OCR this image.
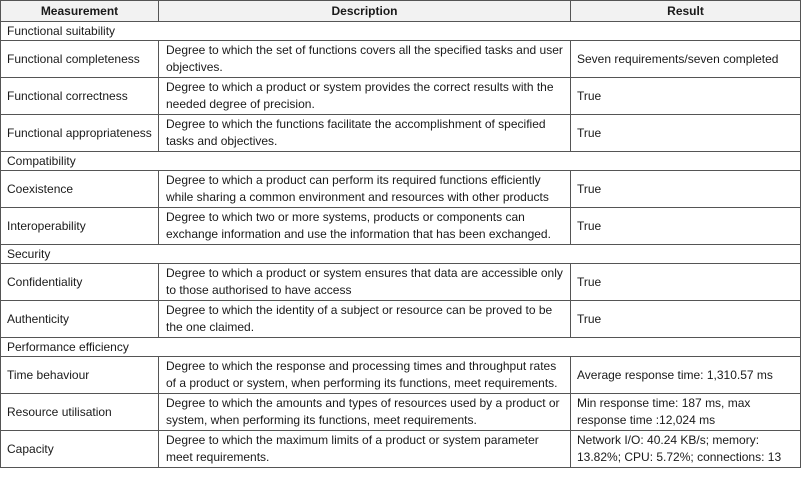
Measurement	Description	Result
Functional suitability		
Functional completeness	Degree to which the set of functions covers all the specified tasks and user objectives.	Seven requirements/seven completed
Functional correctness	Degree to which a product or system provides the correct results with the needed degree of precision.	True
Functional appropriateness	Degree to which the functions facilitate the accomplishment of specified tasks and objectives.	True
Compatibility		
Coexistence	Degree to which a product can perform its required functions efficiently while sharing a common environment and resources with other products	True
Interoperability	Degree to which two or more systems, products or components can exchange information and use the information that has been exchanged.	True
Security		
Confidentiality	Degree to which a product or system ensures that data are accessible only to those authorised to have access	True
Authenticity	Degree to which the identity of a subject or resource can be proved to be the one claimed.	True
Performance efficiency		
Time behaviour	Degree to which the response and processing times and throughput rates of a product or system, when performing its functions, meet requirements.	Average response time: 1,310.57 ms
Resource utilisation	Degree to which the amounts and types of resources used by a product or system, when performing its functions, meet requirements.	Min response time: 187 ms, max response time :12,024 ms
Capacity	Degree to which the maximum limits of a product or system parameter meet requirements.	Network I/O: 40.24 KB/s; memory: 13.82%; CPU: 5.72%; connections: 13
